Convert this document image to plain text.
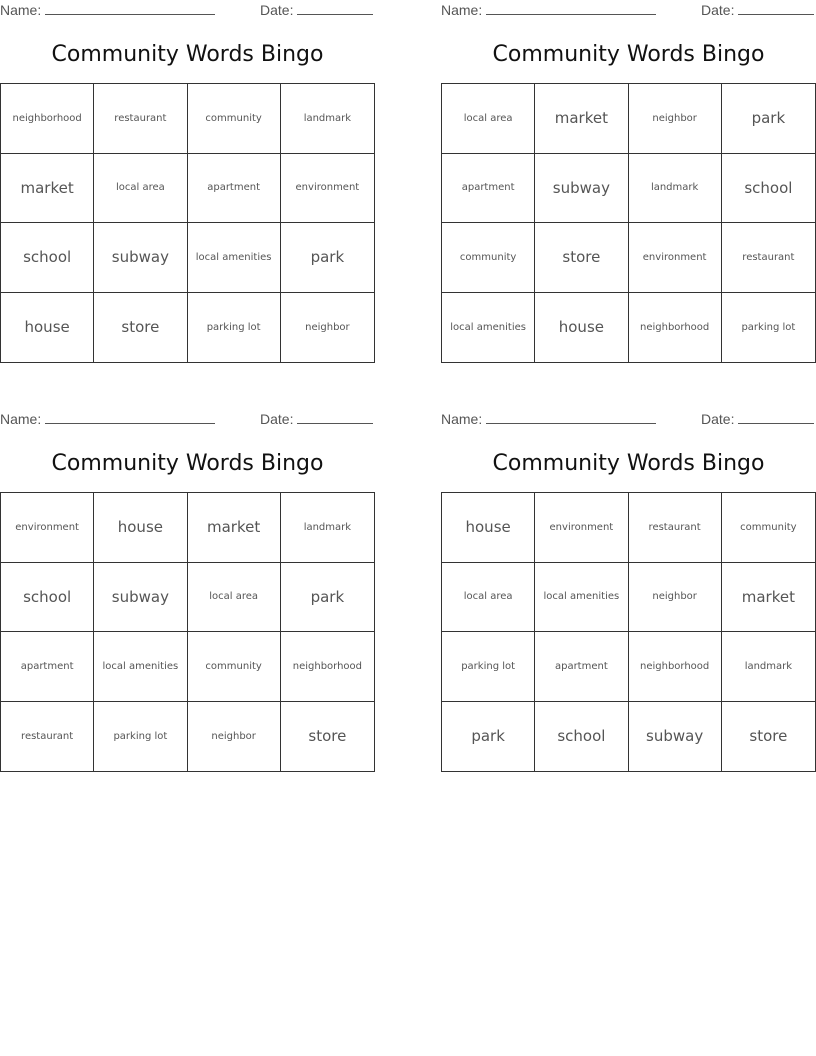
Name:	Date:
Community Words Bingo
neighborhood	restaurant	community	landmark
market	local area	apartment	environment
school	subway	local amenities	park
house	store	parking lot	neighbor
Name:	Date:
Community Words Bingo
local area	market	neighbor	park
apartment	subway	landmark	school
community	store	environment	restaurant
local amenities	house	neighborhood	parking lot
Name:	Date:
Community Words Bingo
environment	house	market	landmark
school	subway	local area	park
apartment	local amenities	community	neighborhood
restaurant	parking lot	neighbor	store
Name:	Date:
Community Words Bingo
house	environment	restaurant	community
local area	local amenities	neighbor	market
parking lot	apartment	neighborhood	landmark
park	school	subway	store
